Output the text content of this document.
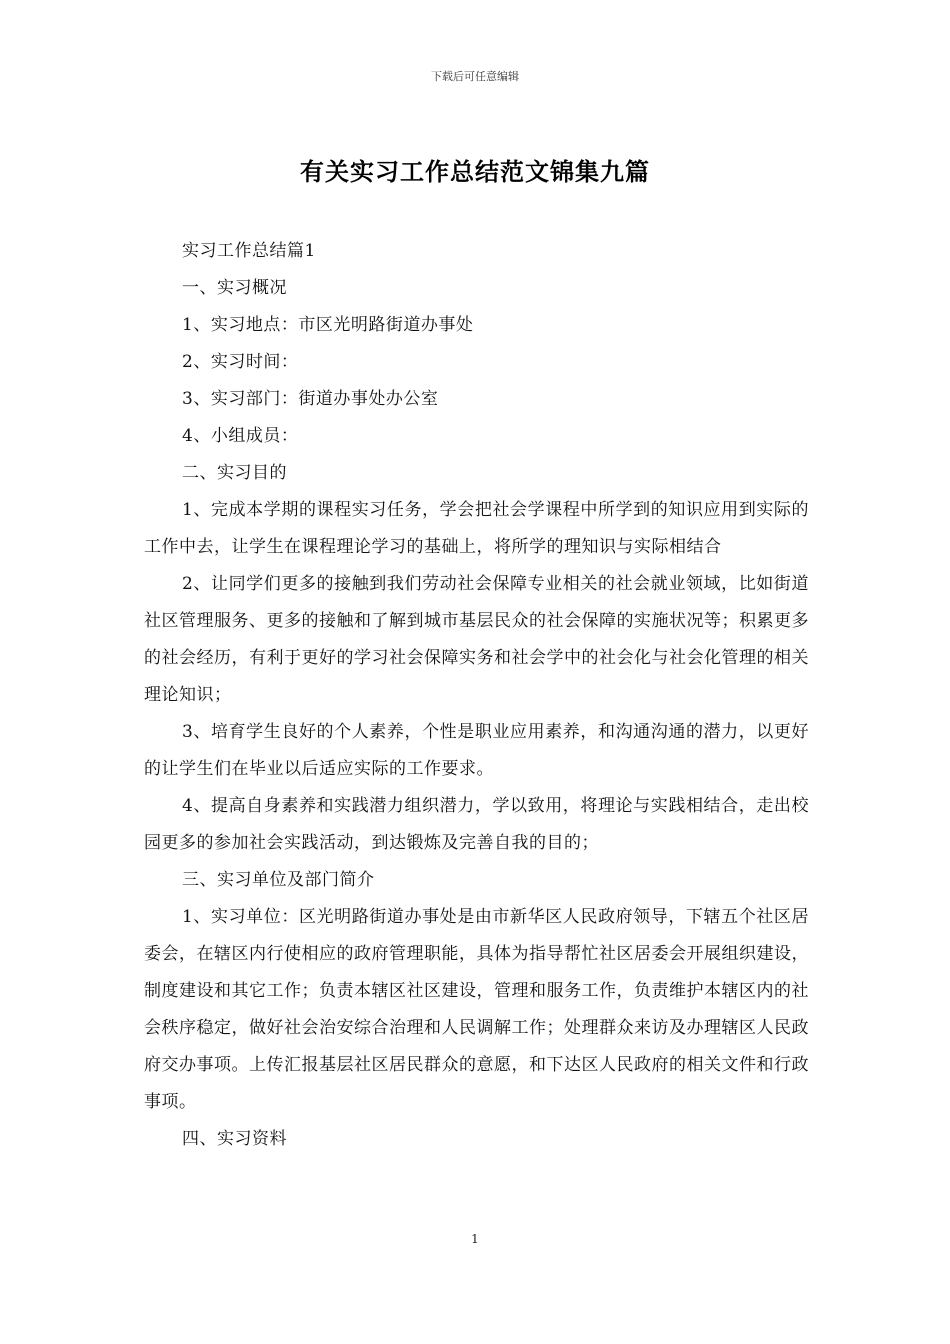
下载后可任意编辑
有关实习工作总结范文锦集九篇

实习工作总结篇1

一、实习概况

1、实习地点：市区光明路街道办事处

2、实习时间：

3、实习部门：街道办事处办公室

4、小组成员：

二、实习目的

1、完成本学期的课程实习任务，学会把社会学课程中所学到的知识应用到实际的工作中去，让学生在课程理论学习的基础上，将所学的理知识与实际相结合

2、让同学们更多的接触到我们劳动社会保障专业相关的社会就业领域，比如街道社区管理服务、更多的接触和了解到城市基层民众的社会保障的实施状况等；积累更多的社会经历，有利于更好的学习社会保障实务和社会学中的社会化与社会化管理的相关理论知识；

3、培育学生良好的个人素养，个性是职业应用素养，和沟通沟通的潜力，以更好的让学生们在毕业以后适应实际的工作要求。

4、提高自身素养和实践潜力组织潜力，学以致用，将理论与实践相结合，走出校园更多的参加社会实践活动，到达锻炼及完善自我的目的；

三、实习单位及部门简介

1、实习单位：区光明路街道办事处是由市新华区人民政府领导，下辖五个社区居委会，在辖区内行使相应的政府管理职能，具体为指导帮忙社区居委会开展组织建设，制度建设和其它工作；负责本辖区社区建设，管理和服务工作，负责维护本辖区内的社会秩序稳定，做好社会治安综合治理和人民调解工作；处理群众来访及办理辖区人民政府交办事项。上传汇报基层社区居民群众的意愿，和下达区人民政府的相关文件和行政事项。

四、实习资料

1
